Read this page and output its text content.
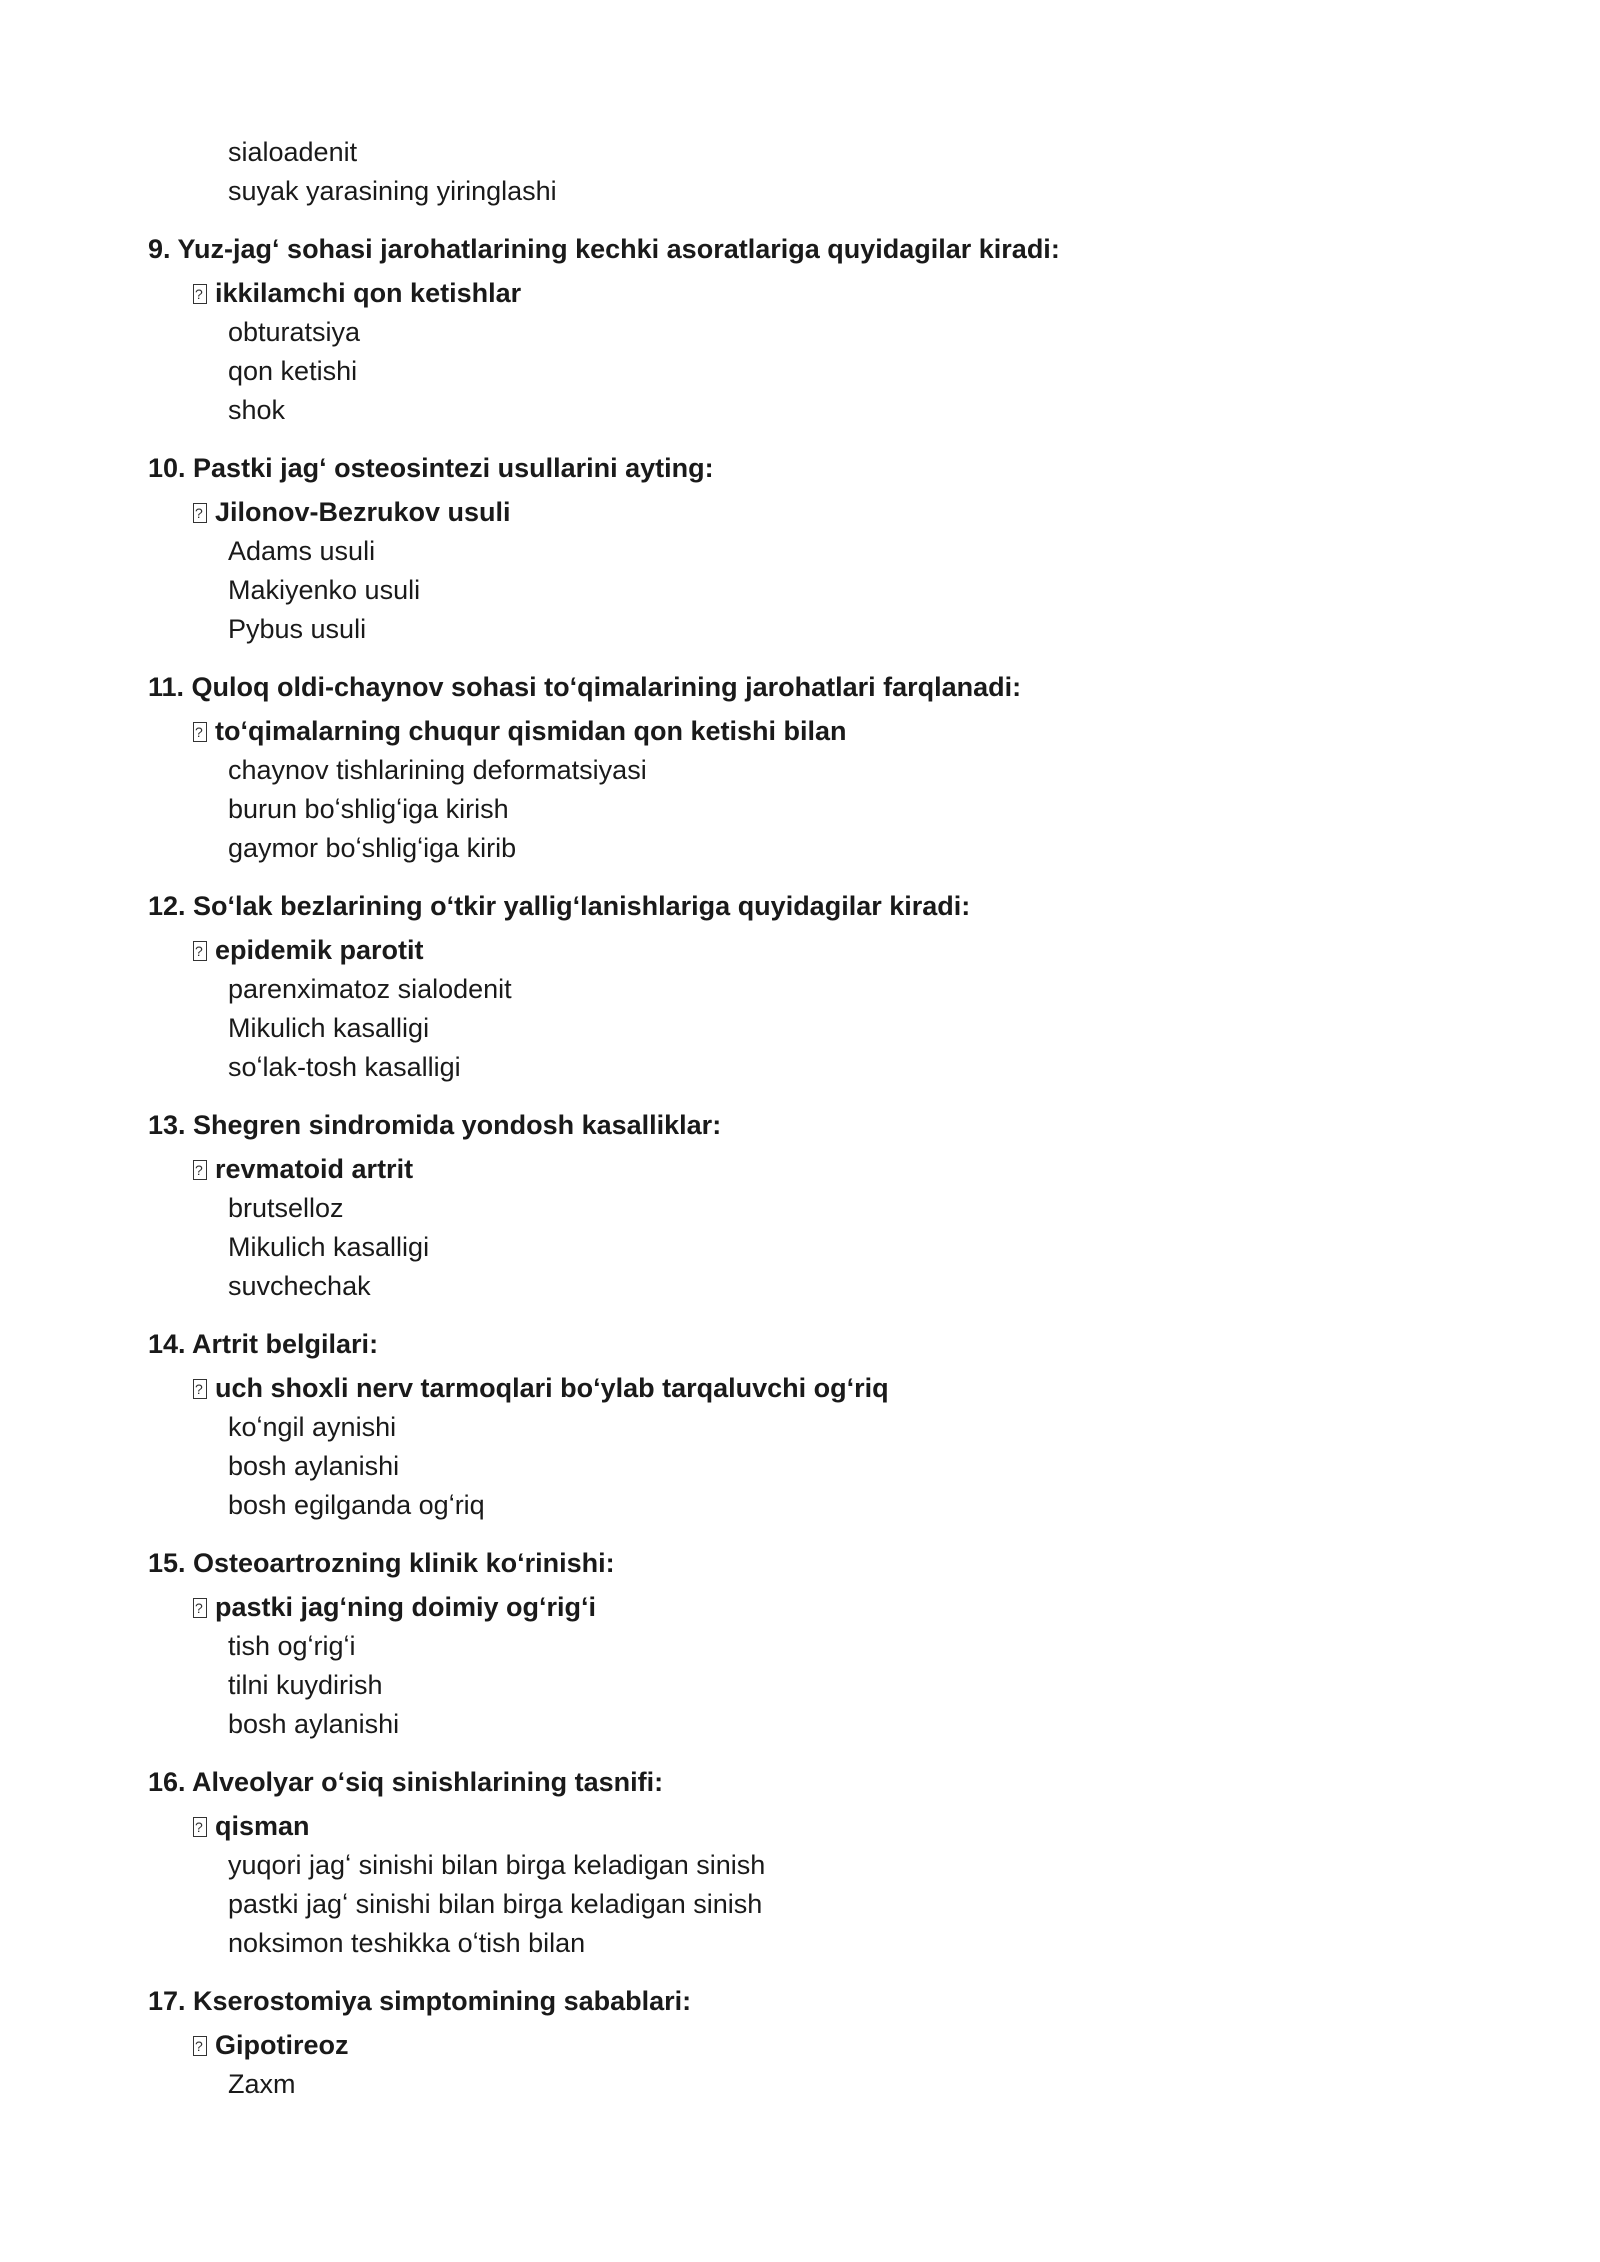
sialoadenit
suyak yarasining yiringlashi
9. Yuz-jagʻ sohasi jarohatlarining kechki asoratlariga quyidagilar kiradi:
?ikkilamchi qon ketishlar
obturatsiya
qon ketishi
shok
10. Pastki jagʻ osteosintezi usullarini ayting:
?Jilonov-Bezrukov usuli
Adams usuli
Makiyenko usuli
Pybus usuli
11. Quloq oldi-chaynov sohasi toʻqimalarining jarohatlari farqlanadi:
?toʻqimalarning chuqur qismidan qon ketishi bilan
chaynov tishlarining deformatsiyasi
burun boʻshligʻiga kirish
gaymor boʻshligʻiga kirib
12. Soʻlak bezlarining oʻtkir yalligʻlanishlariga quyidagilar kiradi:
?epidemik parotit
parenximatoz sialodenit
Mikulich kasalligi
soʻlak-tosh kasalligi
13. Shegren sindromida yondosh kasalliklar:
?revmatoid artrit
brutselloz
Mikulich kasalligi
suvchechak
14. Artrit belgilari:
?uch shoxli nerv tarmoqlari boʻylab tarqaluvchi ogʻriq
koʻngil aynishi
bosh aylanishi
bosh egilganda ogʻriq
15. Osteoartrozning klinik koʻrinishi:
?pastki jagʻning doimiy ogʻrigʻi
tish ogʻrigʻi
tilni kuydirish
bosh aylanishi
16. Alveolyar oʻsiq sinishlarining tasnifi:
?qisman
yuqori jagʻ sinishi bilan birga keladigan sinish
pastki jagʻ sinishi bilan birga keladigan sinish
noksimon teshikka oʻtish bilan
17. Kserostomiya simptomining sabablari:
?Gipotireoz
Zaxm
